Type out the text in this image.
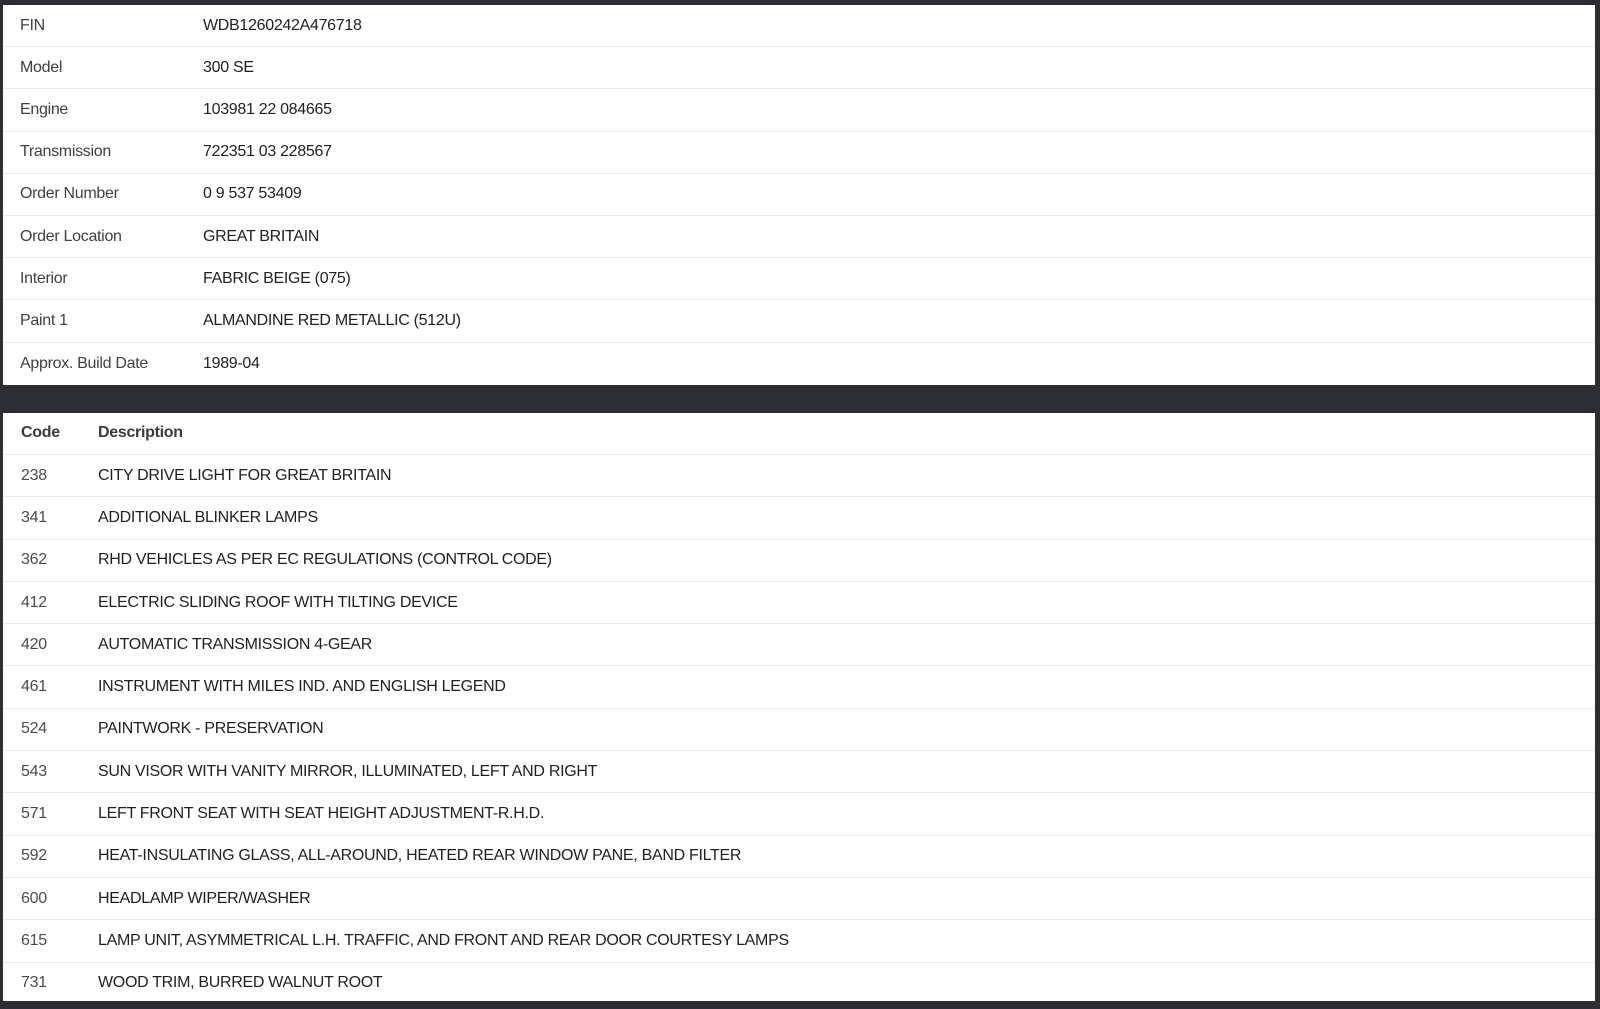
FIN	WDB1260242A476718
Model	300 SE
Engine	103981 22 084665
Transmission	722351 03 228567
Order Number	0 9 537 53409
Order Location	GREAT BRITAIN
Interior	FABRIC BEIGE (075)
Paint 1	ALMANDINE RED METALLIC (512U)
Approx. Build Date	1989-04
Code	Description
238	CITY DRIVE LIGHT FOR GREAT BRITAIN
341	ADDITIONAL BLINKER LAMPS
362	RHD VEHICLES AS PER EC REGULATIONS (CONTROL CODE)
412	ELECTRIC SLIDING ROOF WITH TILTING DEVICE
420	AUTOMATIC TRANSMISSION 4-GEAR
461	INSTRUMENT WITH MILES IND. AND ENGLISH LEGEND
524	PAINTWORK - PRESERVATION
543	SUN VISOR WITH VANITY MIRROR, ILLUMINATED, LEFT AND RIGHT
571	LEFT FRONT SEAT WITH SEAT HEIGHT ADJUSTMENT-R.H.D.
592	HEAT-INSULATING GLASS, ALL-AROUND, HEATED REAR WINDOW PANE, BAND FILTER
600	HEADLAMP WIPER/WASHER
615	LAMP UNIT, ASYMMETRICAL L.H. TRAFFIC, AND FRONT AND REAR DOOR COURTESY LAMPS
731	WOOD TRIM, BURRED WALNUT ROOT
